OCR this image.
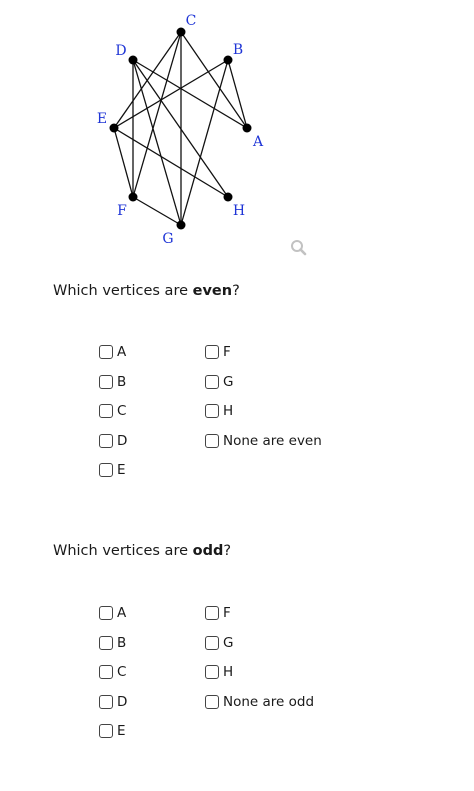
C
B
D
E
A
F
G
H
Which vertices are even?
A
B
C
D
E
F
G
H
None are even
Which vertices are odd?
A
B
C
D
E
F
G
H
None are odd
